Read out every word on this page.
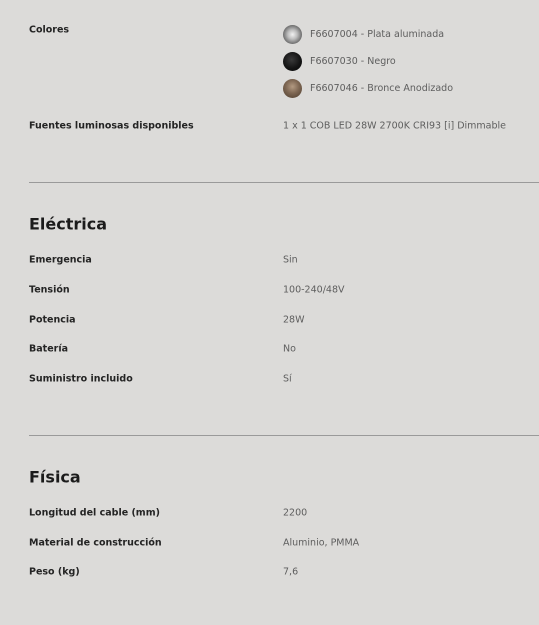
Colores	F6607004 - Plata aluminada
F6607030 - Negro
F6607046 - Bronce Anodizado
Fuentes luminosas disponibles	1 x 1 COB LED 28W 2700K CRI93 [i] Dimmable
Eléctrica
Emergencia	Sin
Tensión	100-240/48V
Potencia	28W
Batería	No
Suministro incluido	Sí
Física
Longitud del cable (mm)	2200
Material de construcción	Aluminio, PMMA
Peso (kg)	7,6
